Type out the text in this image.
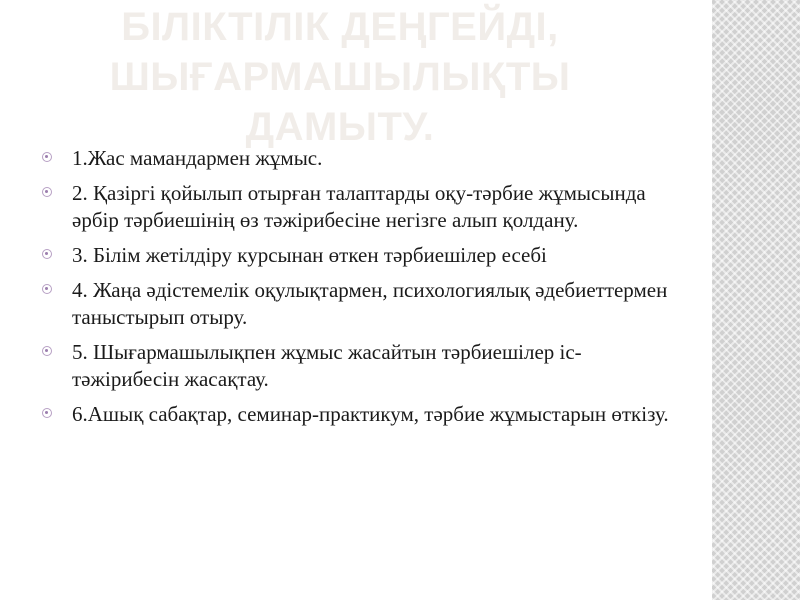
БІЛІКТІЛІК ДЕҢГЕЙДІ,
ШЫҒАРМАШЫЛЫҚТЫ
ДАМЫТУ.
1.Жас мамандармен жұмыс.
2. Қазіргі қойылып отырған талаптарды оқу-тәрбие жұмысында әрбір тәрбиешінің өз тәжірибесіне негізге алып қолдану.
3. Білім жетілдіру курсынан өткен тәрбиешілер есебі
4. Жаңа әдістемелік оқулықтармен, психологиялық әдебиеттермен таныстырып отыру.
5. Шығармашылықпен жұмыс жасайтын тәрбиешілер іс-тәжірибесін жасақтау.
6.Ашық сабақтар, семинар-практикум, тәрбие жұмыстарын өткізу.
